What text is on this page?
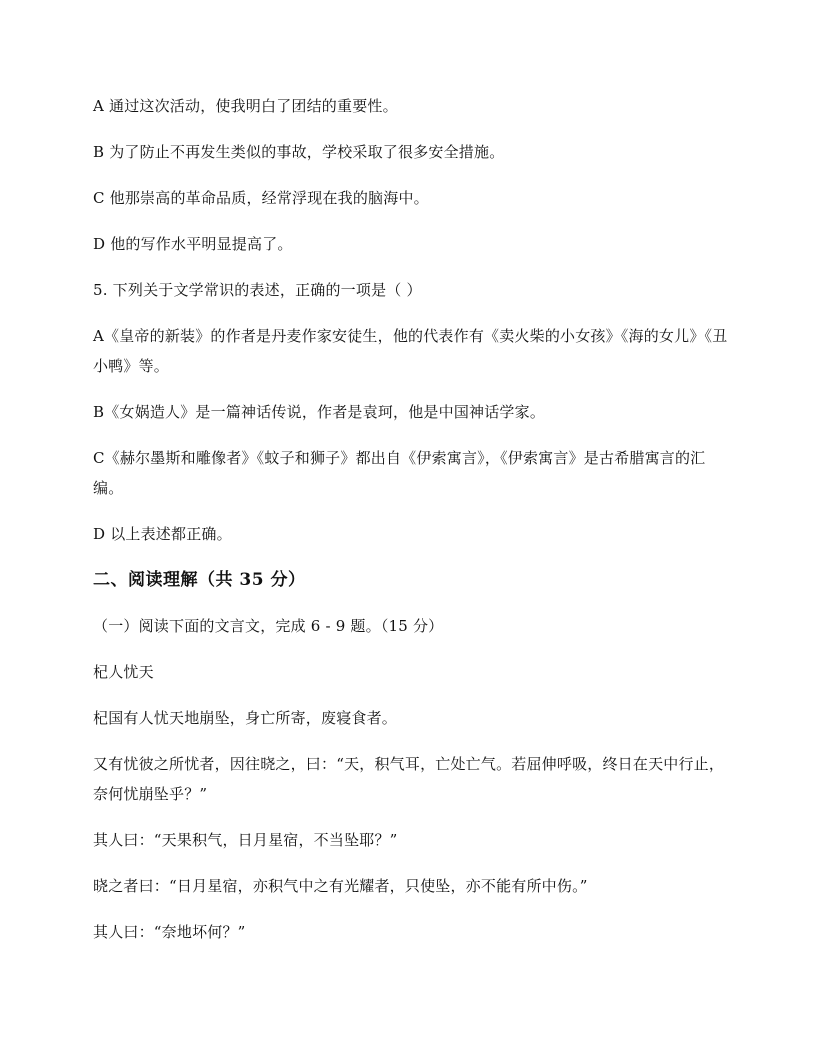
A 通过这次活动，使我明白了团结的重要性。

B 为了防止不再发生类似的事故，学校采取了很多安全措施。

C 他那崇高的革命品质，经常浮现在我的脑海中。

D 他的写作水平明显提高了。

5. 下列关于文学常识的表述，正确的一项是（ ）

A《皇帝的新装》的作者是丹麦作家安徒生，他的代表作有《卖火柴的小女孩》《海的女儿》《丑小鸭》等。

B《女娲造人》是一篇神话传说，作者是袁珂，他是中国神话学家。

C《赫尔墨斯和雕像者》《蚊子和狮子》都出自《伊索寓言》，《伊索寓言》是古希腊寓言的汇编。

D 以上表述都正确。

二、阅读理解（共 35 分）

（一）阅读下面的文言文，完成 6 - 9 题。（15 分）

杞人忧天

杞国有人忧天地崩坠，身亡所寄，废寝食者。

又有忧彼之所忧者，因往晓之，曰：“天，积气耳，亡处亡气。若屈伸呼吸，终日在天中行止，奈何忧崩坠乎？”

其人曰：“天果积气，日月星宿，不当坠耶？”

晓之者曰：“日月星宿，亦积气中之有光耀者，只使坠，亦不能有所中伤。”

其人曰：“奈地坏何？”
